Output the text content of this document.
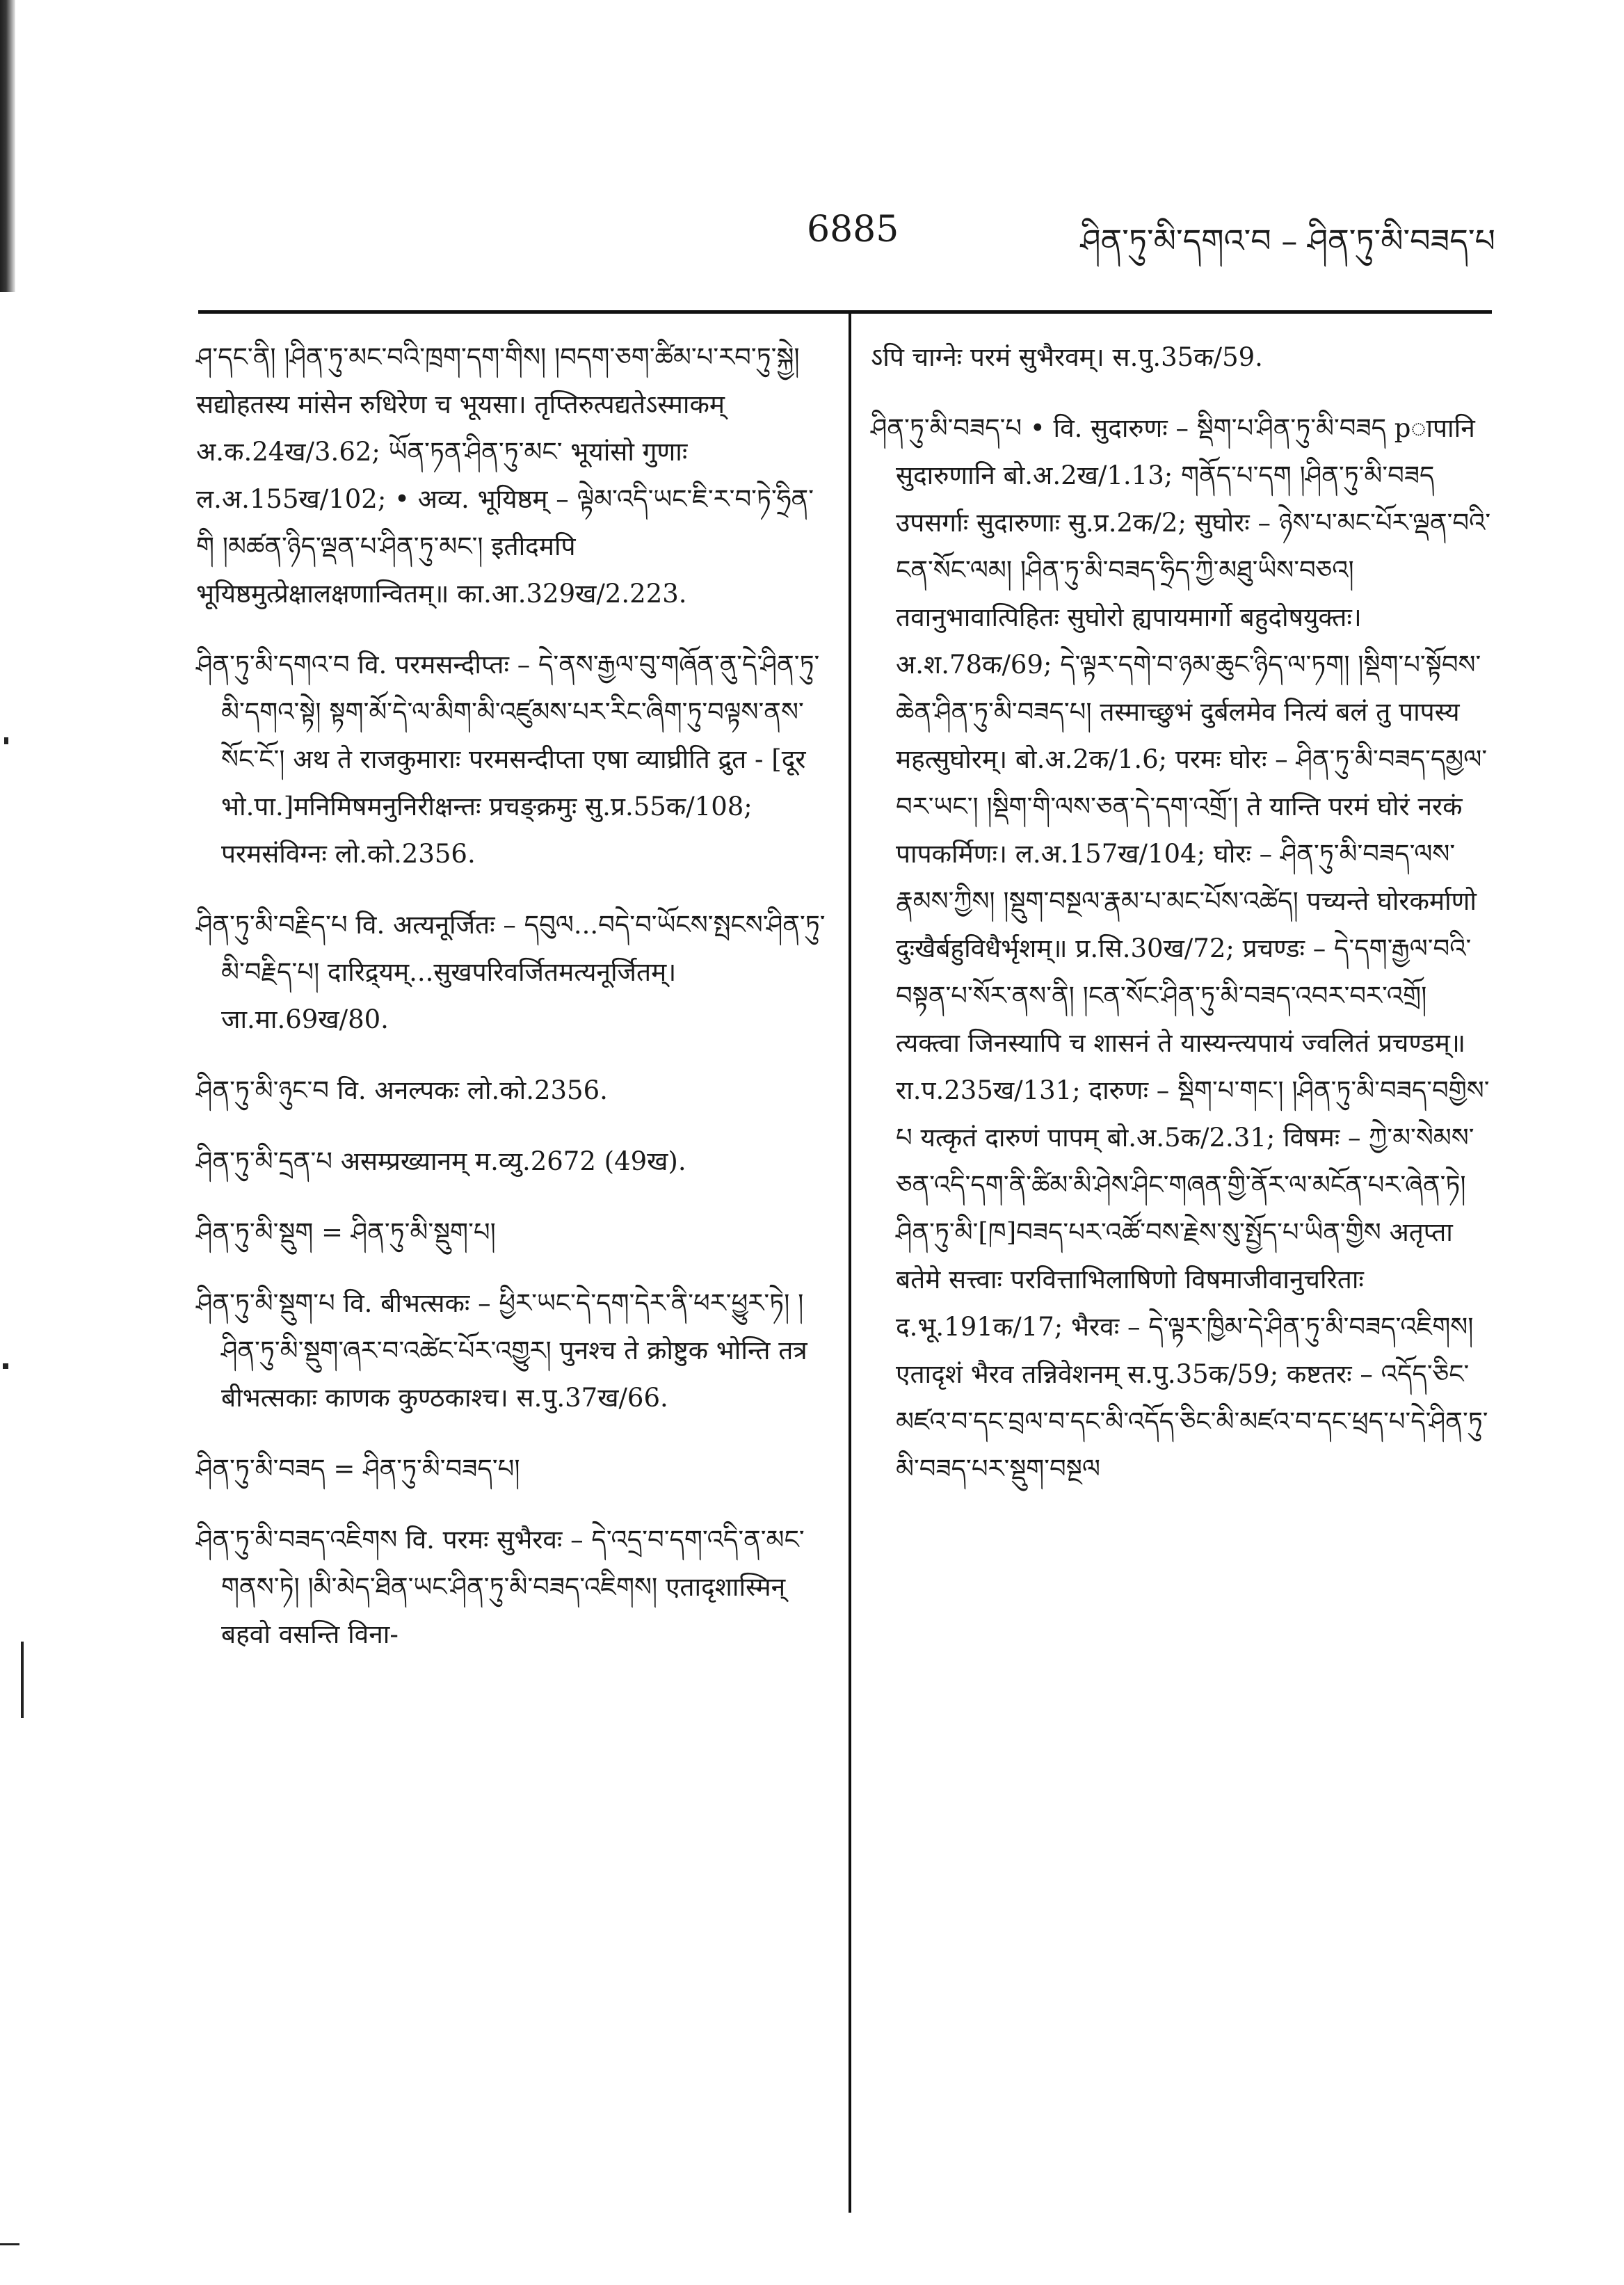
6885	ཤིན་ཏུ་མི་དགའ་བ – ཤིན་ཏུ་མི་བཟད་པ

ཤ་དང་ནི། །ཤིན་ཏུ་མང་བའི་ཁྲག་དག་གིས། །བདག་ཅག་ཚིམ་པ་རབ་ཏུ་སྐྱེ། सद्योहतस्य मांसेन रुधिरेण च भूयसा। तृप्तिरुत्पद्यतेऽस्माकम् अ.क.24ख/3.62; ཡོན་ཏན་ཤིན་ཏུ་མང་ भूयांसो गुणाः ल.अ.155ख/102; • अव्य. भूयिष्ठम् – ལྟེམ་འདི་ཡང་ཇི་ར་བ་ཏེ་ཧྲིན་གི །མཚན་ཉིད་ལྡན་པ་ཤིན་ཏུ་མང་། इतीदमपि भूयिष्ठमुत्प्रेक्षालक्षणान्वितम्॥ का.आ.329ख/2.223.

ཤིན་ཏུ་མི་དགའ་བ वि. परमसन्दीप्तः – དེ་ནས་རྒྱལ་བུ་གཞོན་ནུ་དེ་ཤིན་ཏུ་མི་དགའ་སྟེ། སྟག་མོ་དེ་ལ་མིག་མི་འཛུམས་པར་རིང་ཞིག་ཏུ་བལྟས་ནས་སོང་ངོ་། अथ ते राजकुमाराः परमसन्दीप्ता एषा व्याघ्रीति द्रुत - [दूर भो.पा.]मनिमिषमनुनिरीक्षन्तः प्रचङ्क्रमुः सु.प्र.55क/108; परमसंविग्नः लो.को.2356.

ཤིན་ཏུ་མི་བརྗིད་པ वि. अत्यनूर्जितः – དབུལ...བདེ་བ་ཡོངས་སྤངས་ཤིན་ཏུ་མི་བརྗིད་པ། दारिद्र्यम्...सुखपरिवर्जितमत्यनूर्जितम्। जा.मा.69ख/80.

ཤིན་ཏུ་མི་ཉུང་བ वि. अनल्पकः लो.को.2356.

ཤིན་ཏུ་མི་དྲན་པ असम्प्रख्यानम् म.व्यु.2672 (49ख).

ཤིན་ཏུ་མི་སྡུག = ཤིན་ཏུ་མི་སྡུག་པ།

ཤིན་ཏུ་མི་སྡུག་པ वि. बीभत्सकः – ཕྱིར་ཡང་དེ་དག་དེར་ནི་ཕར་ཕྱུར་ཏེ། །ཤིན་ཏུ་མི་སྡུག་ཞར་བ་འཚེང་པོར་འགྱུར། पुनश्च ते क्रोष्टुक भोन्ति तत्र बीभत्सकाः काणक कुण्ठकाश्च। स.पु.37ख/66.

ཤིན་ཏུ་མི་བཟད = ཤིན་ཏུ་མི་བཟད་པ།

ཤིན་ཏུ་མི་བཟད་འཇིགས वि. परमः सुभैरवः – དེ་འདྲ་བ་དག་འདི་ན་མང་གནས་ཏེ། །མི་མེད་ཐིན་ཡང་ཤིན་ཏུ་མི་བཟད་འཇིགས། एतादृशास्मिन् बहवो वसन्ति विना-

ऽपि चाग्नेः परमं सुभैरवम्। स.पु.35क/59.

ཤིན་ཏུ་མི་བཟད་པ • वि. सुदारुणः – སྡིག་པ་ཤིན་ཏུ་མི་བཟད pापानि सुदारुणानि बो.अ.2ख/1.13; གནོད་པ་དག །ཤིན་ཏུ་མི་བཟད उपसर्गाः सुदारुणाः सु.प्र.2क/2; सुघोरः – ཉེས་པ་མང་པོར་ལྡན་བའི་ངན་སོང་ལམ། །ཤིན་ཏུ་མི་བཟད་ཧྲིད་ཀྱི་མཐུ་ཡིས་བཅའ། तवानुभावात्पिहितः सुघोरो ह्यपायमार्गो बहुदोषयुक्तः। अ.श.78क/69; དེ་ལྟར་དགེ་བ་ཉམ་ཆུང་ཉིད་ལ་ཏག། །སྡིག་པ་སྟོབས་ཆེན་ཤིན་ཏུ་མི་བཟད་པ། तस्माच्छुभं दुर्बलमेव नित्यं बलं तु पापस्य महत्सुघोरम्। बो.अ.2क/1.6; परमः घोरः – ཤིན་ཏུ་མི་བཟད་དམྱལ་བར་ཡང་། །སྡིག་གི་ལས་ཅན་དེ་དག་འགྲོ་། ते यान्ति परमं घोरं नरकं पापकर्मिणः। ल.अ.157ख/104; घोरः – ཤིན་ཏུ་མི་བཟད་ལས་རྣམས་ཀྱིས། །སྡུག་བསྔལ་རྣམ་པ་མང་པོས་འཚེད། पच्यन्ते घोरकर्माणो दुःखैर्बहुविधैर्भृशम्॥ प्र.सि.30ख/72; प्रचण्डः – དེ་དག་རྒྱལ་བའི་བསྟན་པ་སོར་ནས་ནི། །ངན་སོང་ཤིན་ཏུ་མི་བཟད་འབར་བར་འགྲོ། त्यक्त्वा जिनस्यापि च शासनं ते यास्यन्त्यपायं ज्वलितं प्रचण्डम्॥ रा.प.235ख/131; दारुणः – སྡིག་པ་གང་། །ཤིན་ཏུ་མི་བཟད་བགྱིས་པ यत्कृतं दारुणं पापम् बो.अ.5क/2.31; विषमः – ཀྱེ་མ་སེམས་ཅན་འདི་དག་ནི་ཚིམ་མི་ཤེས་ཤིང་གཞན་གྱི་ནོར་ལ་མངོན་པར་ཞེན་ཏེ། ཤིན་ཏུ་མི་[ཁ]བཟད་པར་འཚོ་བས་རྗེས་སུ་སྤྱོད་པ་ཡིན་གྱིས अतृप्ता बतेमे सत्त्वाः परवित्ताभिलाषिणो विषमाजीवानुचरिताः द.भू.191क/17; भैरवः – དེ་ལྟར་ཁྱིམ་དེ་ཤིན་ཏུ་མི་བཟད་འཇིགས། एतादृशं भैरव तन्निवेशनम् स.पु.35क/59; कष्टतरः – འདོད་ཅིང་མཛའ་བ་དང་བྲལ་བ་དང་མི་འདོད་ཅིང་མི་མཛའ་བ་དང་ཕྲད་པ་དེ་ཤིན་ཏུ་མི་བཟད་པར་སྡུག་བསྔལ
